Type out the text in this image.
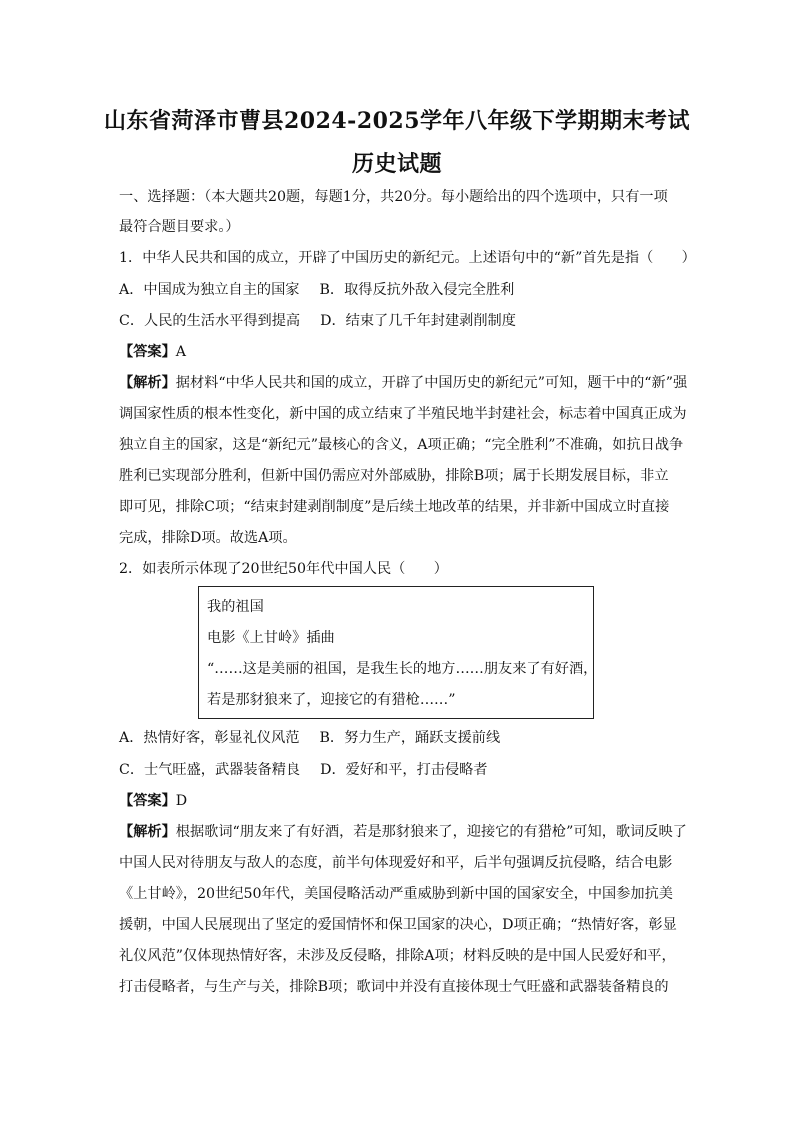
山东省菏泽市曹县2024-2025学年八年级下学期期末考试
历史试题
一、选择题：（本大题共20题，每题1分，共20分。每小题给出的四个选项中，只有一项
最符合题目要求。）
1．中华人民共和国的成立，开辟了中国历史的新纪元。上述语句中的“新”首先是指（　　）
A．中国成为独立自主的国家 B．取得反抗外敌入侵完全胜利
C．人民的生活水平得到提高 D．结束了几千年封建剥削制度
【答案】A
【解析】据材料“中华人民共和国的成立，开辟了中国历史的新纪元”可知，题干中的“新”强
调国家性质的根本性变化，新中国的成立结束了半殖民地半封建社会，标志着中国真正成为
独立自主的国家，这是“新纪元”最核心的含义，A项正确；“完全胜利”不准确，如抗日战争
胜利已实现部分胜利，但新中国仍需应对外部威胁，排除B项；属于长期发展目标，非立
即可见，排除C项；“结束封建剥削制度”是后续土地改革的结果，并非新中国成立时直接
完成，排除D项。故选A项。
2．如表所示体现了20世纪50年代中国人民（　　）
我的祖国
电影《上甘岭》插曲
“……这是美丽的祖国，是我生长的地方……朋友来了有好酒，
若是那豺狼来了，迎接它的有猎枪……”
A．热情好客，彰显礼仪风范 B．努力生产，踊跃支援前线
C．士气旺盛，武器装备精良 D．爱好和平，打击侵略者
【答案】D
【解析】根据歌词“朋友来了有好酒，若是那豺狼来了，迎接它的有猎枪”可知，歌词反映了
中国人民对待朋友与敌人的态度，前半句体现爱好和平，后半句强调反抗侵略，结合电影
《上甘岭》，20世纪50年代，美国侵略活动严重威胁到新中国的国家安全，中国参加抗美
援朝，中国人民展现出了坚定的爱国情怀和保卫国家的决心，D项正确；“热情好客，彰显
礼仪风范”仅体现热情好客，未涉及反侵略，排除A项；材料反映的是中国人民爱好和平，
打击侵略者，与生产与关，排除B项；歌词中并没有直接体现士气旺盛和武器装备精良的
